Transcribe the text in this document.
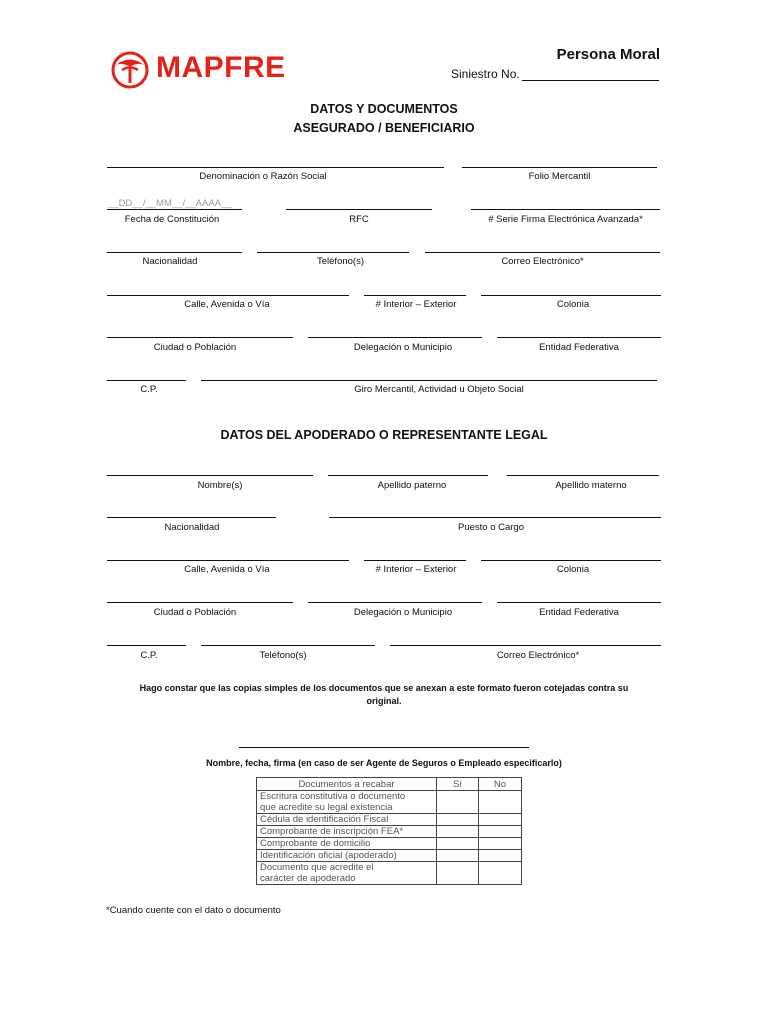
MAPFRE	Persona Moral
Siniestro No.
DATOS Y DOCUMENTOS
ASEGURADO / BENEFICIARIO
Denominación o Razón Social	Folio Mercantil
__DD__/__MM__/__AAAA__
Fecha de Constitución	RFC	# Serie Firma Electrónica Avanzada*
Nacionalidad	Teléfono(s)	Correo Electrónico*
Calle, Avenida o Vía	# Interior – Exterior	Colonia
Ciudad o Población	Delegación o Municipio	Entidad Federativa
C.P.	Giro Mercantil, Actividad u Objeto Social
DATOS DEL APODERADO O REPRESENTANTE LEGAL
Nombre(s)	Apellido paterno	Apellido materno
Nacionalidad	Puesto o Cargo
Calle, Avenida o Vía	# Interior – Exterior	Colonia
Ciudad o Población	Delegación o Municipio	Entidad Federativa
C.P.	Teléfono(s)	Correo Electrónico*
Hago constar que las copias simples de los documentos que se anexan a este formato fueron cotejadas contra su
original.
Nombre, fecha, firma (en caso de ser Agente de Seguros o Empleado especificarlo)
Documentos a recabar	Sí	No

Escritura constitutiva o documento
que acredite su legal existencia		

Cédula de identificación Fiscal		
Comprobante de inscripción FEA*		
Comprobante de domicilio		
Identificación oficial (apoderado)		

Documento que acredite el
carácter de apoderado		

*Cuando cuente con el dato o documento
